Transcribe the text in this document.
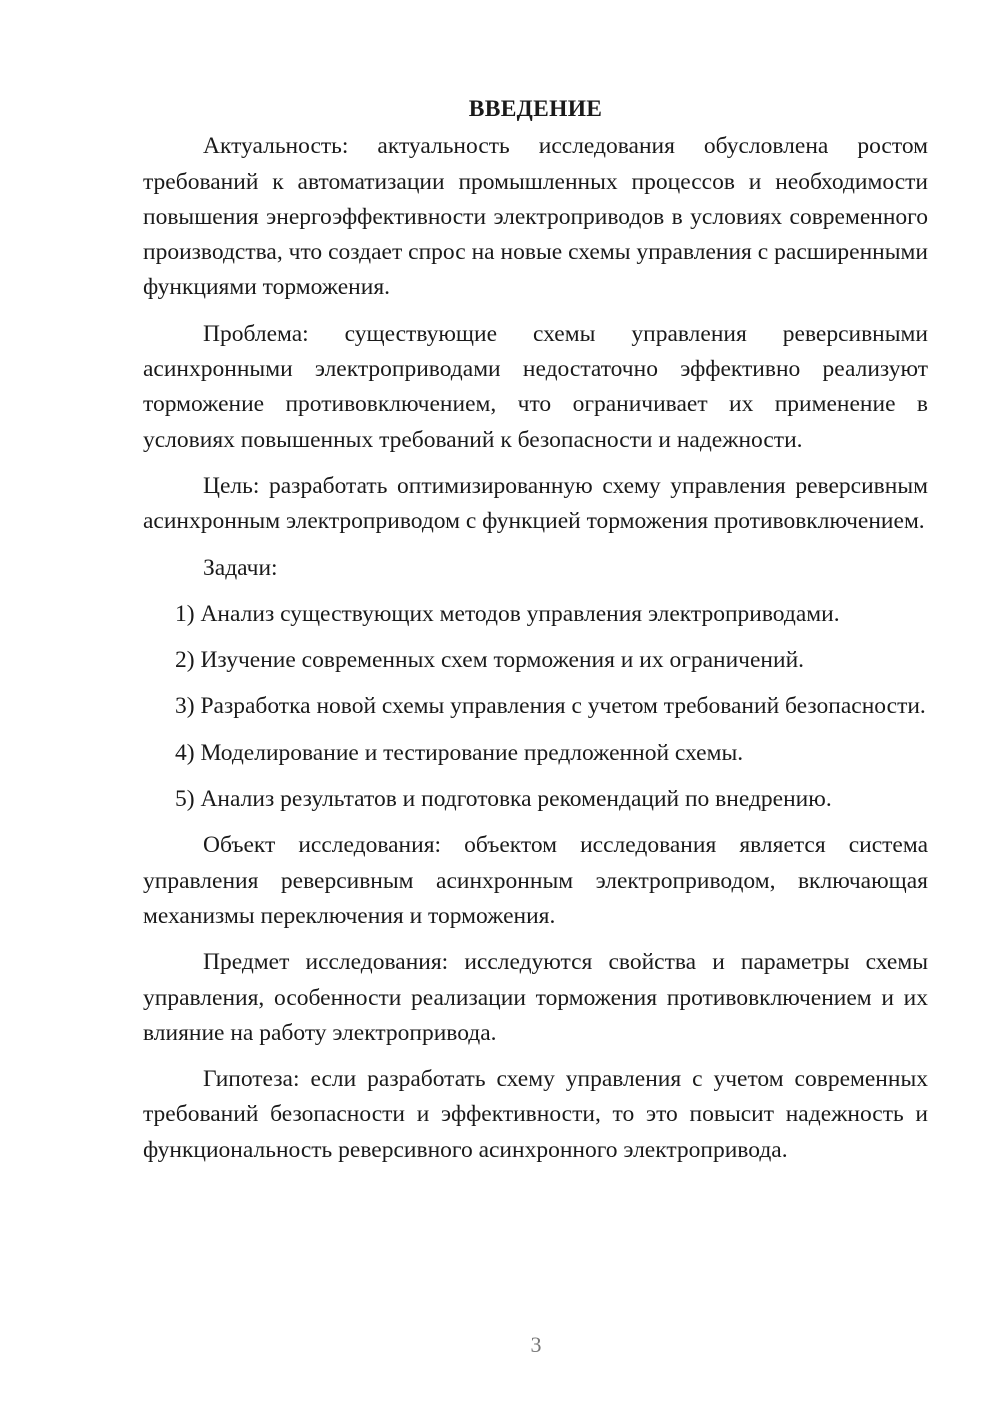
ВВЕДЕНИЕ

Актуальность: актуальность исследования обусловлена ростом требований к автоматизации промышленных процессов и необходимости повышения энергоэффективности электроприводов в условиях современного производства, что создает спрос на новые схемы управления с расширенными функциями торможения.

Проблема: существующие схемы управления реверсивными асинхронными электроприводами недостаточно эффективно реализуют торможение противовключением, что ограничивает их применение в условиях повышенных требований к безопасности и надежности.

Цель: разработать оптимизированную схему управления реверсивным асинхронным электроприводом с функцией торможения противовключением.

Задачи:

1) Анализ существующих методов управления электроприводами.

2) Изучение современных схем торможения и их ограничений.

3) Разработка новой схемы управления с учетом требований безопасности.

4) Моделирование и тестирование предложенной схемы.

5) Анализ результатов и подготовка рекомендаций по внедрению.

Объект исследования: объектом исследования является система управления реверсивным асинхронным электроприводом, включающая механизмы переключения и торможения.

Предмет исследования: исследуются свойства и параметры схемы управления, особенности реализации торможения противовключением и их влияние на работу электропривода.

Гипотеза: если разработать схему управления с учетом современных требований безопасности и эффективности, то это повысит надежность и функциональность реверсивного асинхронного электропривода.

3
